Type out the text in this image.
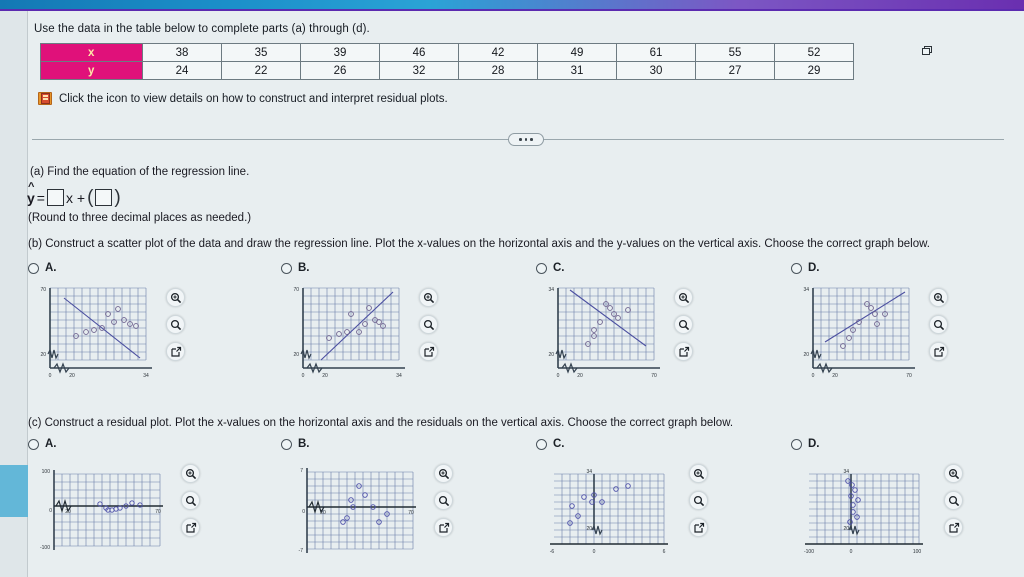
Use the data in the table below to complete parts (a) through (d).
x	38	35	39	46	42	49	61	55	52
y	24	22	26	32	28	31	30	27	29
Click the icon to view details on how to construct and interpret residual plots.
(a) Find the equation of the regression line.
^ y = x + ( )
(Round to three decimal places as needed.)
(b) Construct a scatter plot of the data and draw the regression line. Plot the x-values on the horizontal axis and the y-values on the vertical axis. Choose the correct graph below.
A.
70
20
0	20	34
B.
70
20
0	20	34
C.
34
20
0	20	70
D.
34
20
0	20	70
(c) Construct a residual plot. Plot the x-values on the horizontal axis and the residuals on the vertical axis. Choose the correct graph below.
A.
100
0
-100
20	70
B.
7
0
-7
20	70
C.
34
20
-6	0	6
D.
34
20
-100	0	100
